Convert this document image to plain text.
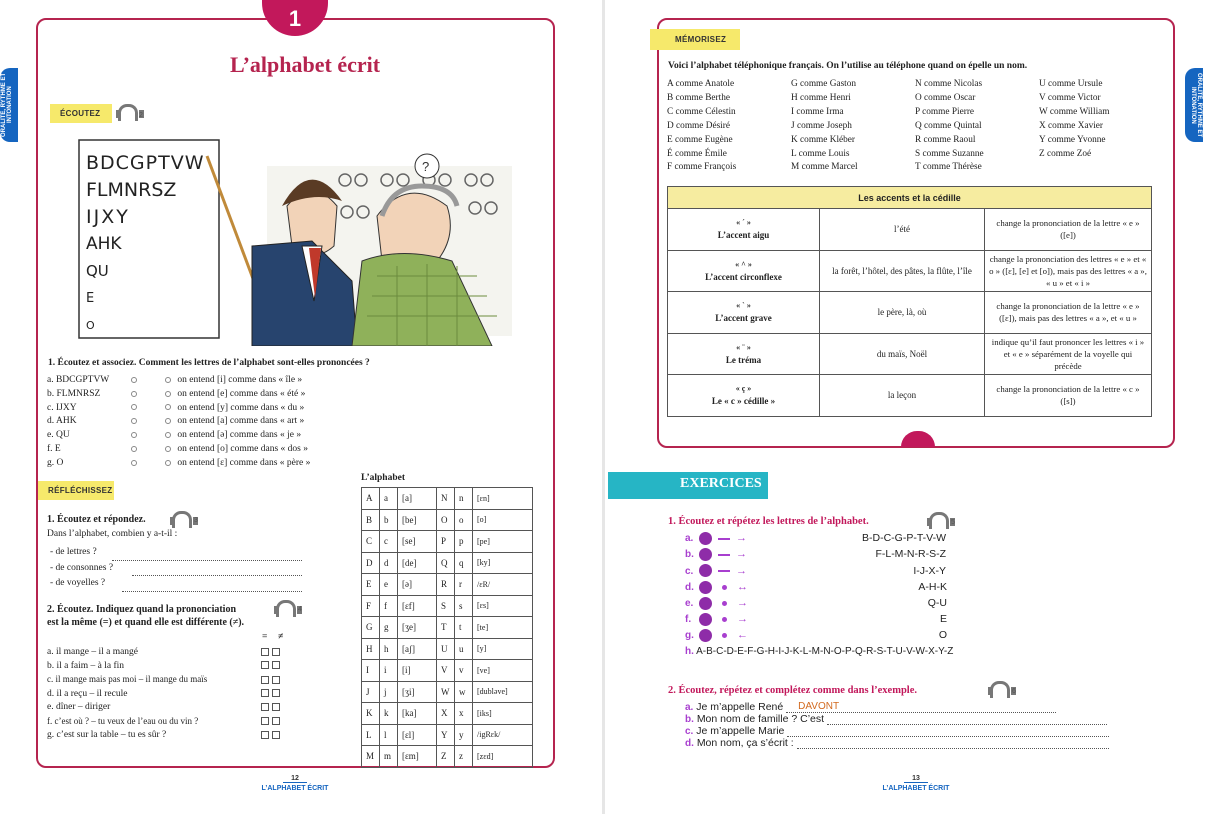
1
L’alphabet écrit
ORALITÉ, RYTHME ET INTONATION	ÉCOUTEZ	2
?
BDCGPTVW
FLMNRSZ
IJXY
AHK
QU
E
O
1. Écoutez et associez. Comment les lettres de l’alphabet sont-elles prononcées ?
a. BDCGPTVW	on entend [i] comme dans « île »
b. FLMNRSZ	on entend [e] comme dans « été »
c. IJXY	on entend [y] comme dans « du »
d. AHK	on entend [a] comme dans « art »
e. QU	on entend [ə] comme dans « je »
f. E	on entend [o] comme dans « dos »
g. O	on entend [ɛ] comme dans « père »
RÉFLÉCHISSEZ
1. Écoutez et répondez.	3
Dans l’alphabet, combien y a-t-il :
- de lettres ?
- de consonnes ?
- de voyelles ?
2. Écoutez. Indiquez quand la prononciation
est la même (=) et quand elle est différente (≠).
4
= ≠
a. il mange – il a mangé
b. il a faim – à la fin
c. il mange mais pas moi – il mange du maïs
d. il a reçu – il recule
e. dîner – diriger
f. c’est où ? – tu veux de l’eau ou du vin ?
g. c’est sur la table – tu es sûr ?
L’alphabet
A	a	[a]	N	n	[ɛn]
B	b	[be]	O	o	[o]
C	c	[se]	P	p	[pe]
D	d	[de]	Q	q	[ky]
E	e	[ə]	R	r	/ɛR/
F	f	[ɛf]	S	s	[ɛs]
G	g	[ʒe]	T	t	[te]
H	h	[aʃ]	U	u	[y]
I	i	[i]	V	v	[ve]
J	j	[ʒi]	W	w	[dubləve]
K	k	[ka]	X	x	[iks]
L	l	[ɛl]	Y	y	/igRɛk/
M	m	[ɛm]	Z	z	[zɛd]
12
L’ALPHABET ÉCRIT
ORALITÉ, RYTHME ET INTONATION
MÉMORISEZ
Voici l’alphabet téléphonique français. On l’utilise au téléphone quand on épelle un nom.
A comme Anatole
B comme Berthe
C comme Célestin
D comme Désiré
E comme Eugène
É comme Émile
F comme François
G comme Gaston
H comme Henri
I comme Irma
J comme Joseph
K comme Kléber
L comme Louis
M comme Marcel
N comme Nicolas
O comme Oscar
P comme Pierre
Q comme Quintal
R comme Raoul
S comme Suzanne
T comme Thérèse
U comme Ursule
V comme Victor
W comme William
X comme Xavier
Y comme Yvonne
Z comme Zoé
Les accents et la cédille		

« ´ »
L’accent aigu	l’été	change la prononciation de la lettre « e » ([e])

« ^ »
L’accent circonflexe	la forêt, l’hôtel, des pâtes, la flûte, l’île	change la prononciation des lettres « e » et « o » ([ɛ], [e] et [o]), mais pas des lettres « a », « u » et « i »

« ` »
L’accent grave	le père, là, où	change la prononciation de la lettre « e » ([ɛ]), mais pas des lettres « a », et « u »

« ¨ »
Le tréma	du maïs, Noël	indique qu’il faut prononcer les lettres « i » et « e » séparément de la voyelle qui précède

« ç »
Le « c » cédille »	la leçon	change la prononciation de la lettre « c » ([s])
EXERCICES
1. Écoutez et répétez les lettres de l’alphabet.	5
a.	→	B-D-C-G-P-T-V-W
b.	→	F-L-M-N-R-S-Z
c.	→	I-J-X-Y
d.	↔	A-H-K
e.	→	Q-U
f.	→	E
g.	←	O
h. A-B-C-D-E-F-G-H-I-J-K-L-M-N-O-P-Q-R-S-T-U-V-W-X-Y-Z
2. Écoutez, répétez et complétez comme dans l’exemple.	6
a. Je m’appelle René DAVONT
b. Mon nom de famille ? C’est
c. Je m’appelle Marie
d. Mon nom, ça s’écrit :
13
L’ALPHABET ÉCRIT
